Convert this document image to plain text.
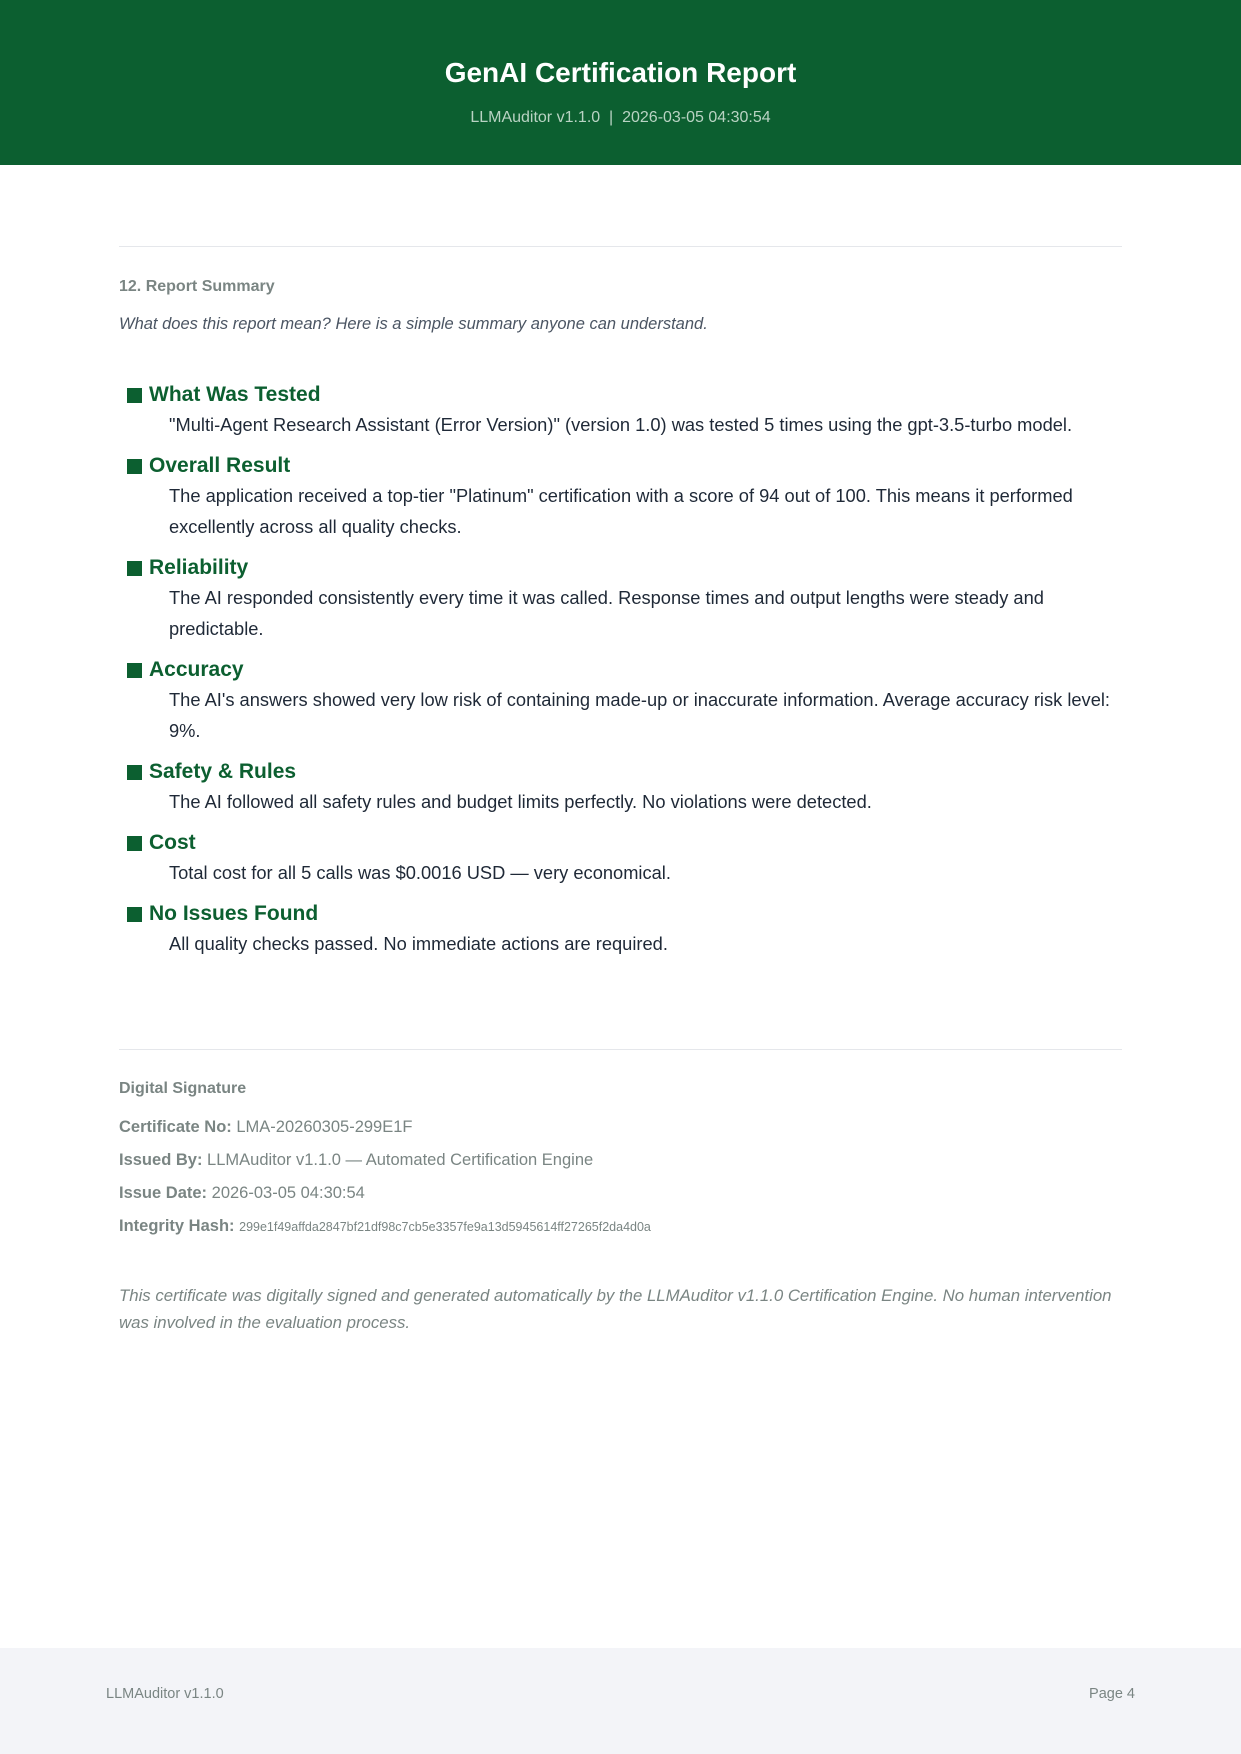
GenAI Certification Report
LLMAuditor v1.1.0  |  2026-03-05 04:30:54
12. Report Summary
What does this report mean? Here is a simple summary anyone can understand.
What Was Tested
"Multi-Agent Research Assistant (Error Version)" (version 1.0) was tested 5 times using the gpt-3.5-turbo model.
Overall Result
The application received a top-tier "Platinum" certification with a score of 94 out of 100. This means it performed excellently across all quality checks.
Reliability
The AI responded consistently every time it was called. Response times and output lengths were steady and predictable.
Accuracy
The AI's answers showed very low risk of containing made-up or inaccurate information. Average accuracy risk level: 9%.
Safety & Rules
The AI followed all safety rules and budget limits perfectly. No violations were detected.
Cost
Total cost for all 5 calls was $0.0016 USD — very economical.
No Issues Found
All quality checks passed. No immediate actions are required.
Digital Signature
Certificate No: LMA-20260305-299E1F
Issued By: LLMAuditor v1.1.0 — Automated Certification Engine
Issue Date: 2026-03-05 04:30:54
Integrity Hash: 299e1f49affda2847bf21df98c7cb5e3357fe9a13d5945614ff27265f2da4d0a
This certificate was digitally signed and generated automatically by the LLMAuditor v1.1.0 Certification Engine. No human intervention was involved in the evaluation process.
LLMAuditor v1.1.0	Page 4
